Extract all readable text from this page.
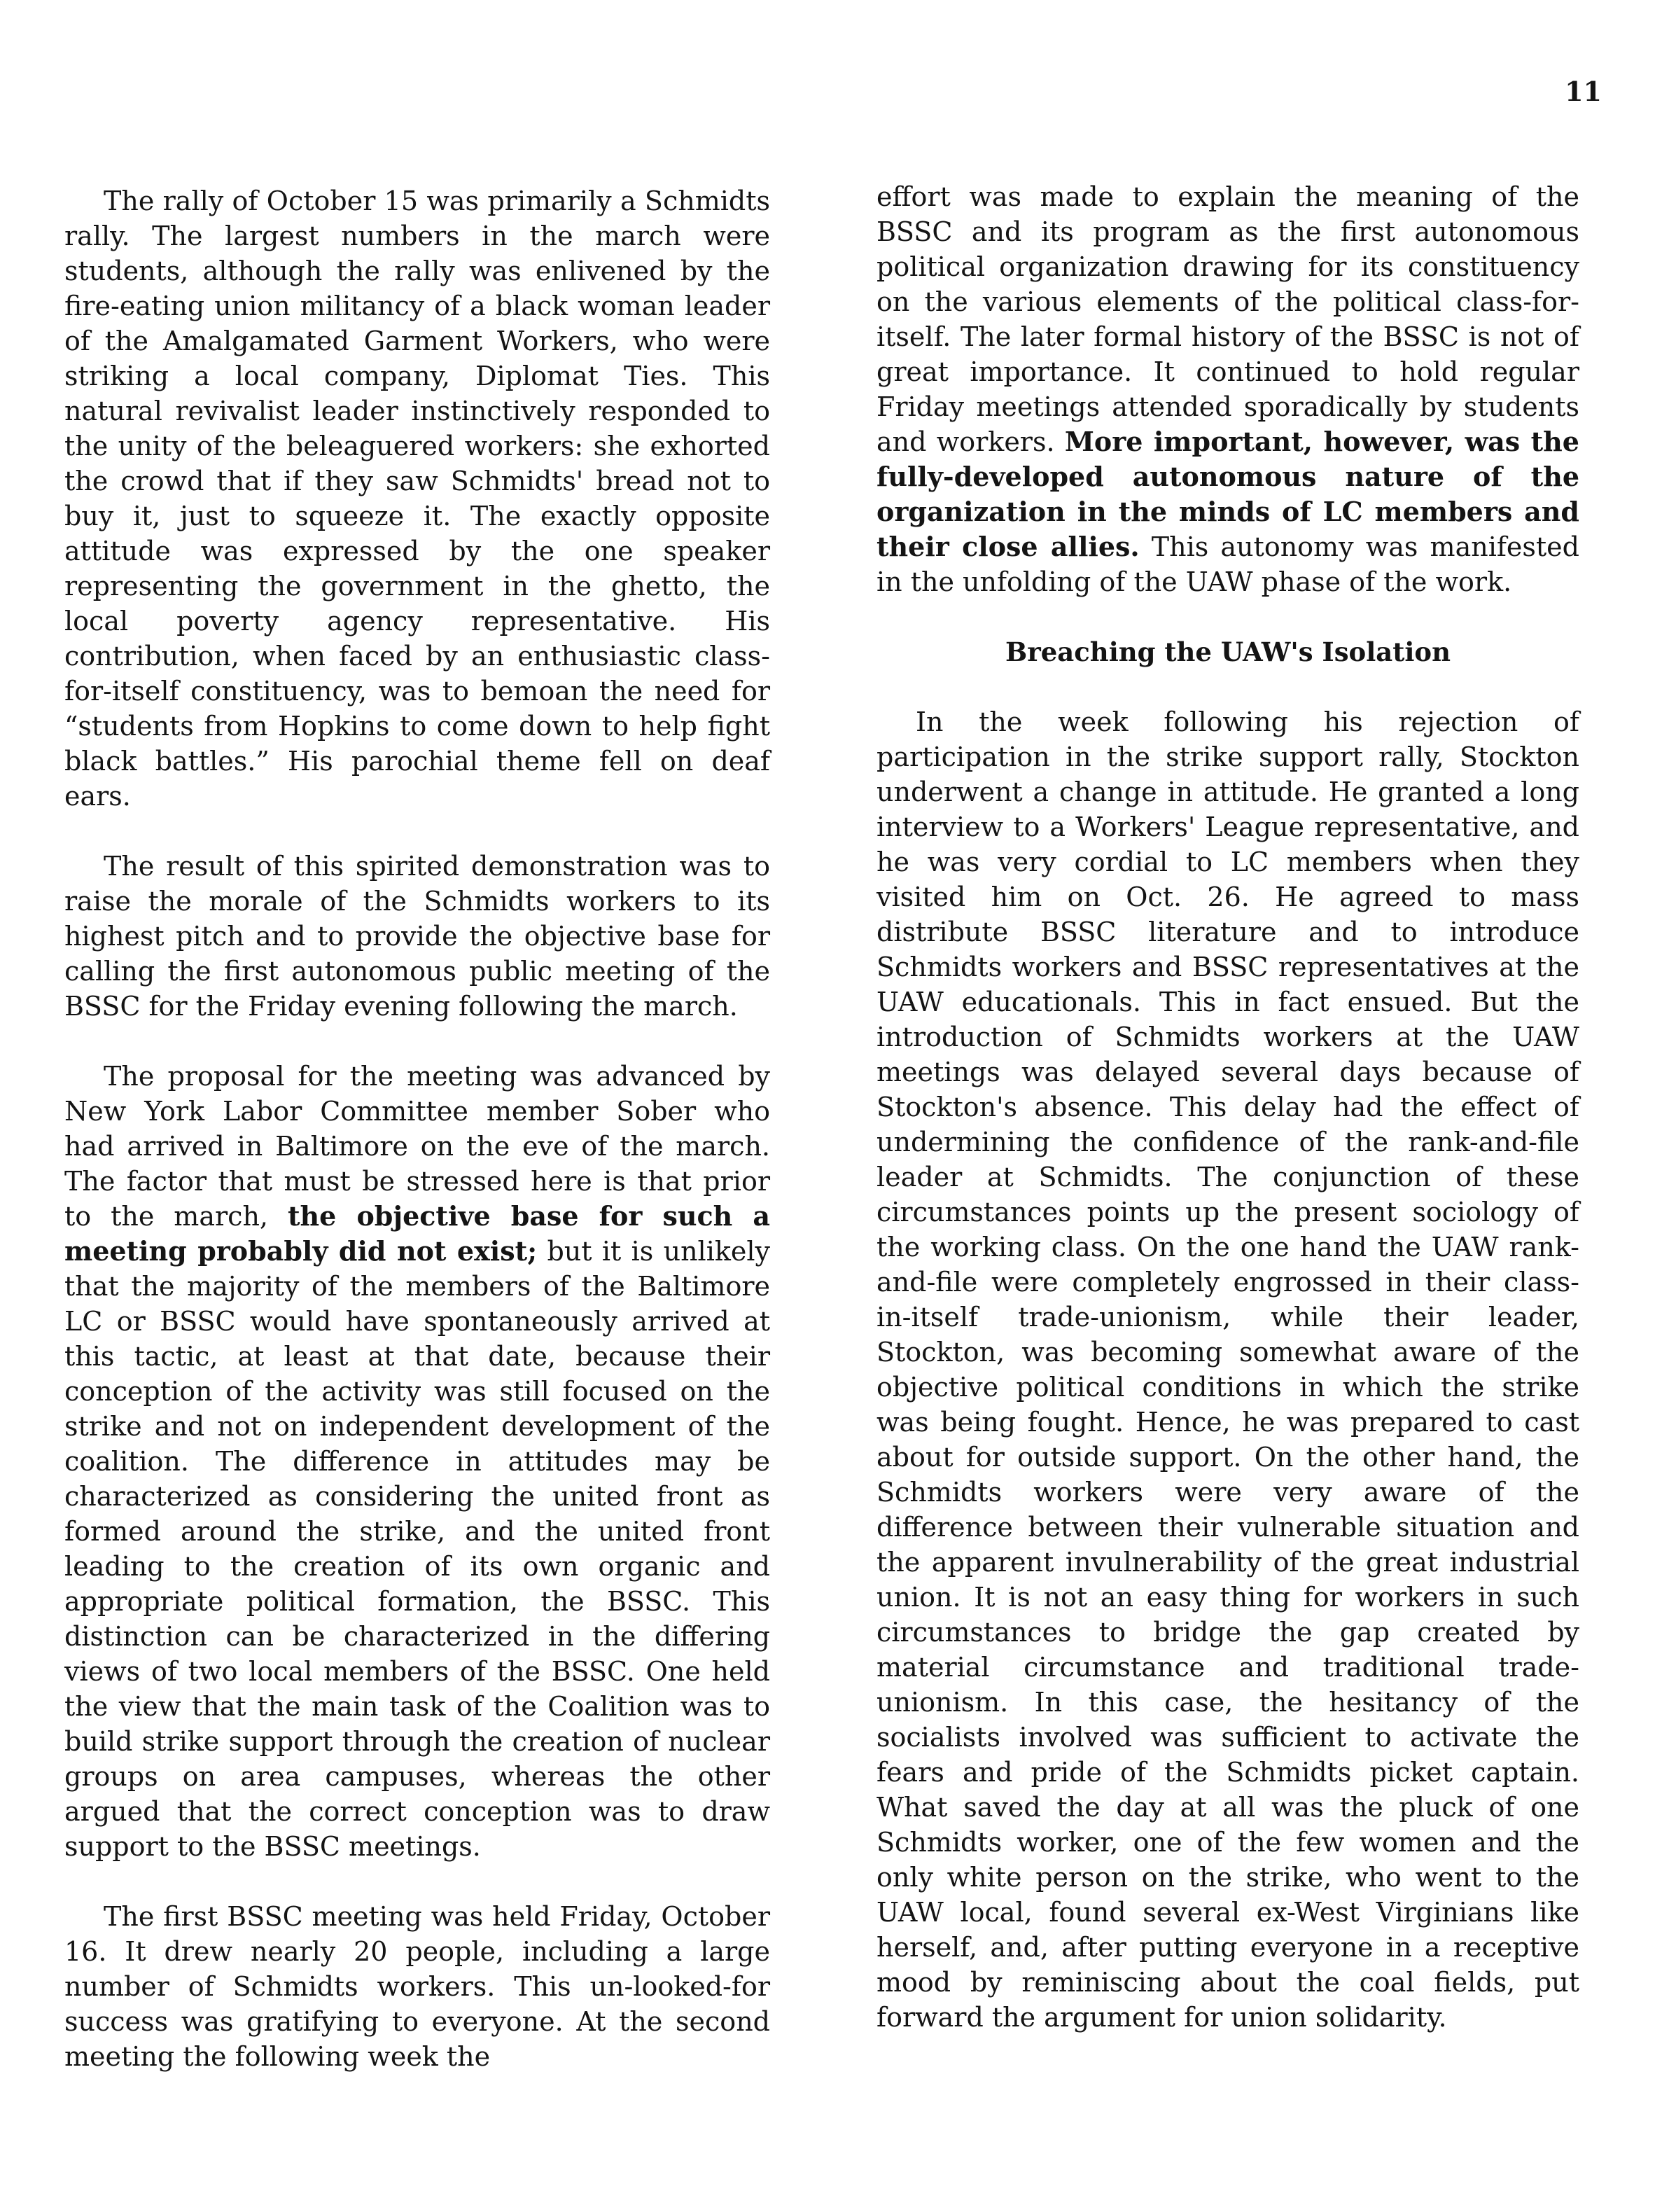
11

The rally of October 15 was primarily a Schmidts rally. The largest numbers in the march were students, although the rally was enlivened by the fire-eating union militancy of a black woman leader of the Amalgamated Garment Workers, who were striking a local company, Diplomat Ties. This natural revivalist leader instinctively responded to the unity of the beleaguered workers: she exhorted the crowd that if they saw Schmidts' bread not to buy it, just to squeeze it. The exactly opposite attitude was expressed by the one speaker representing the government in the ghetto, the local poverty agency representative. His contribution, when faced by an enthusiastic class-for-itself constituency, was to bemoan the need for “students from Hopkins to come down to help fight black battles.” His parochial theme fell on deaf ears.

The result of this spirited demonstration was to raise the morale of the Schmidts workers to its highest pitch and to provide the objective base for calling the first autonomous public meeting of the BSSC for the Friday evening following the march.

The proposal for the meeting was advanced by New York Labor Committee member Sober who had arrived in Baltimore on the eve of the march. The factor that must be stressed here is that prior to the march, the objective base for such a meeting probably did not exist; but it is unlikely that the majority of the members of the Baltimore LC or BSSC would have spontaneously arrived at this tactic, at least at that date, because their conception of the activity was still focused on the strike and not on independent development of the coalition. The difference in attitudes may be characterized as considering the united front as formed around the strike, and the united front leading to the creation of its own organic and appropriate political formation, the BSSC. This distinction can be characterized in the differing views of two local members of the BSSC. One held the view that the main task of the Coalition was to build strike support through the creation of nuclear groups on area campuses, whereas the other argued that the correct conception was to draw support to the BSSC meetings.

The first BSSC meeting was held Friday, October 16. It drew nearly 20 people, including a large number of Schmidts workers. This un-looked-for success was gratifying to everyone. At the second meeting the following week the

effort was made to explain the meaning of the BSSC and its program as the first autonomous political organization drawing for its constituency on the various elements of the political class-for-itself. The later formal history of the BSSC is not of great importance. It continued to hold regular Friday meetings attended sporadically by students and workers. More important, however, was the fully-developed autonomous nature of the organization in the minds of LC members and their close allies. This autonomy was manifested in the unfolding of the UAW phase of the work.

Breaching the UAW's Isolation

In the week following his rejection of participation in the strike support rally, Stockton underwent a change in attitude. He granted a long interview to a Workers' League representative, and he was very cordial to LC members when they visited him on Oct. 26. He agreed to mass distribute BSSC literature and to introduce Schmidts workers and BSSC representatives at the UAW educationals. This in fact ensued. But the introduction of Schmidts workers at the UAW meetings was delayed several days because of Stockton's absence. This delay had the effect of undermining the confidence of the rank-and-file leader at Schmidts. The conjunction of these circumstances points up the present sociology of the working class. On the one hand the UAW rank-and-file were completely engrossed in their class-in-itself trade-unionism, while their leader, Stockton, was becoming somewhat aware of the objective political conditions in which the strike was being fought. Hence, he was prepared to cast about for outside support. On the other hand, the Schmidts workers were very aware of the difference between their vulnerable situation and the apparent invulnerability of the great industrial union. It is not an easy thing for workers in such circumstances to bridge the gap created by material circumstance and traditional trade-unionism. In this case, the hesitancy of the socialists involved was sufficient to activate the fears and pride of the Schmidts picket captain. What saved the day at all was the pluck of one Schmidts worker, one of the few women and the only white person on the strike, who went to the UAW local, found several ex-West Virginians like herself, and, after putting everyone in a receptive mood by reminiscing about the coal fields, put forward the argument for union solidarity.
